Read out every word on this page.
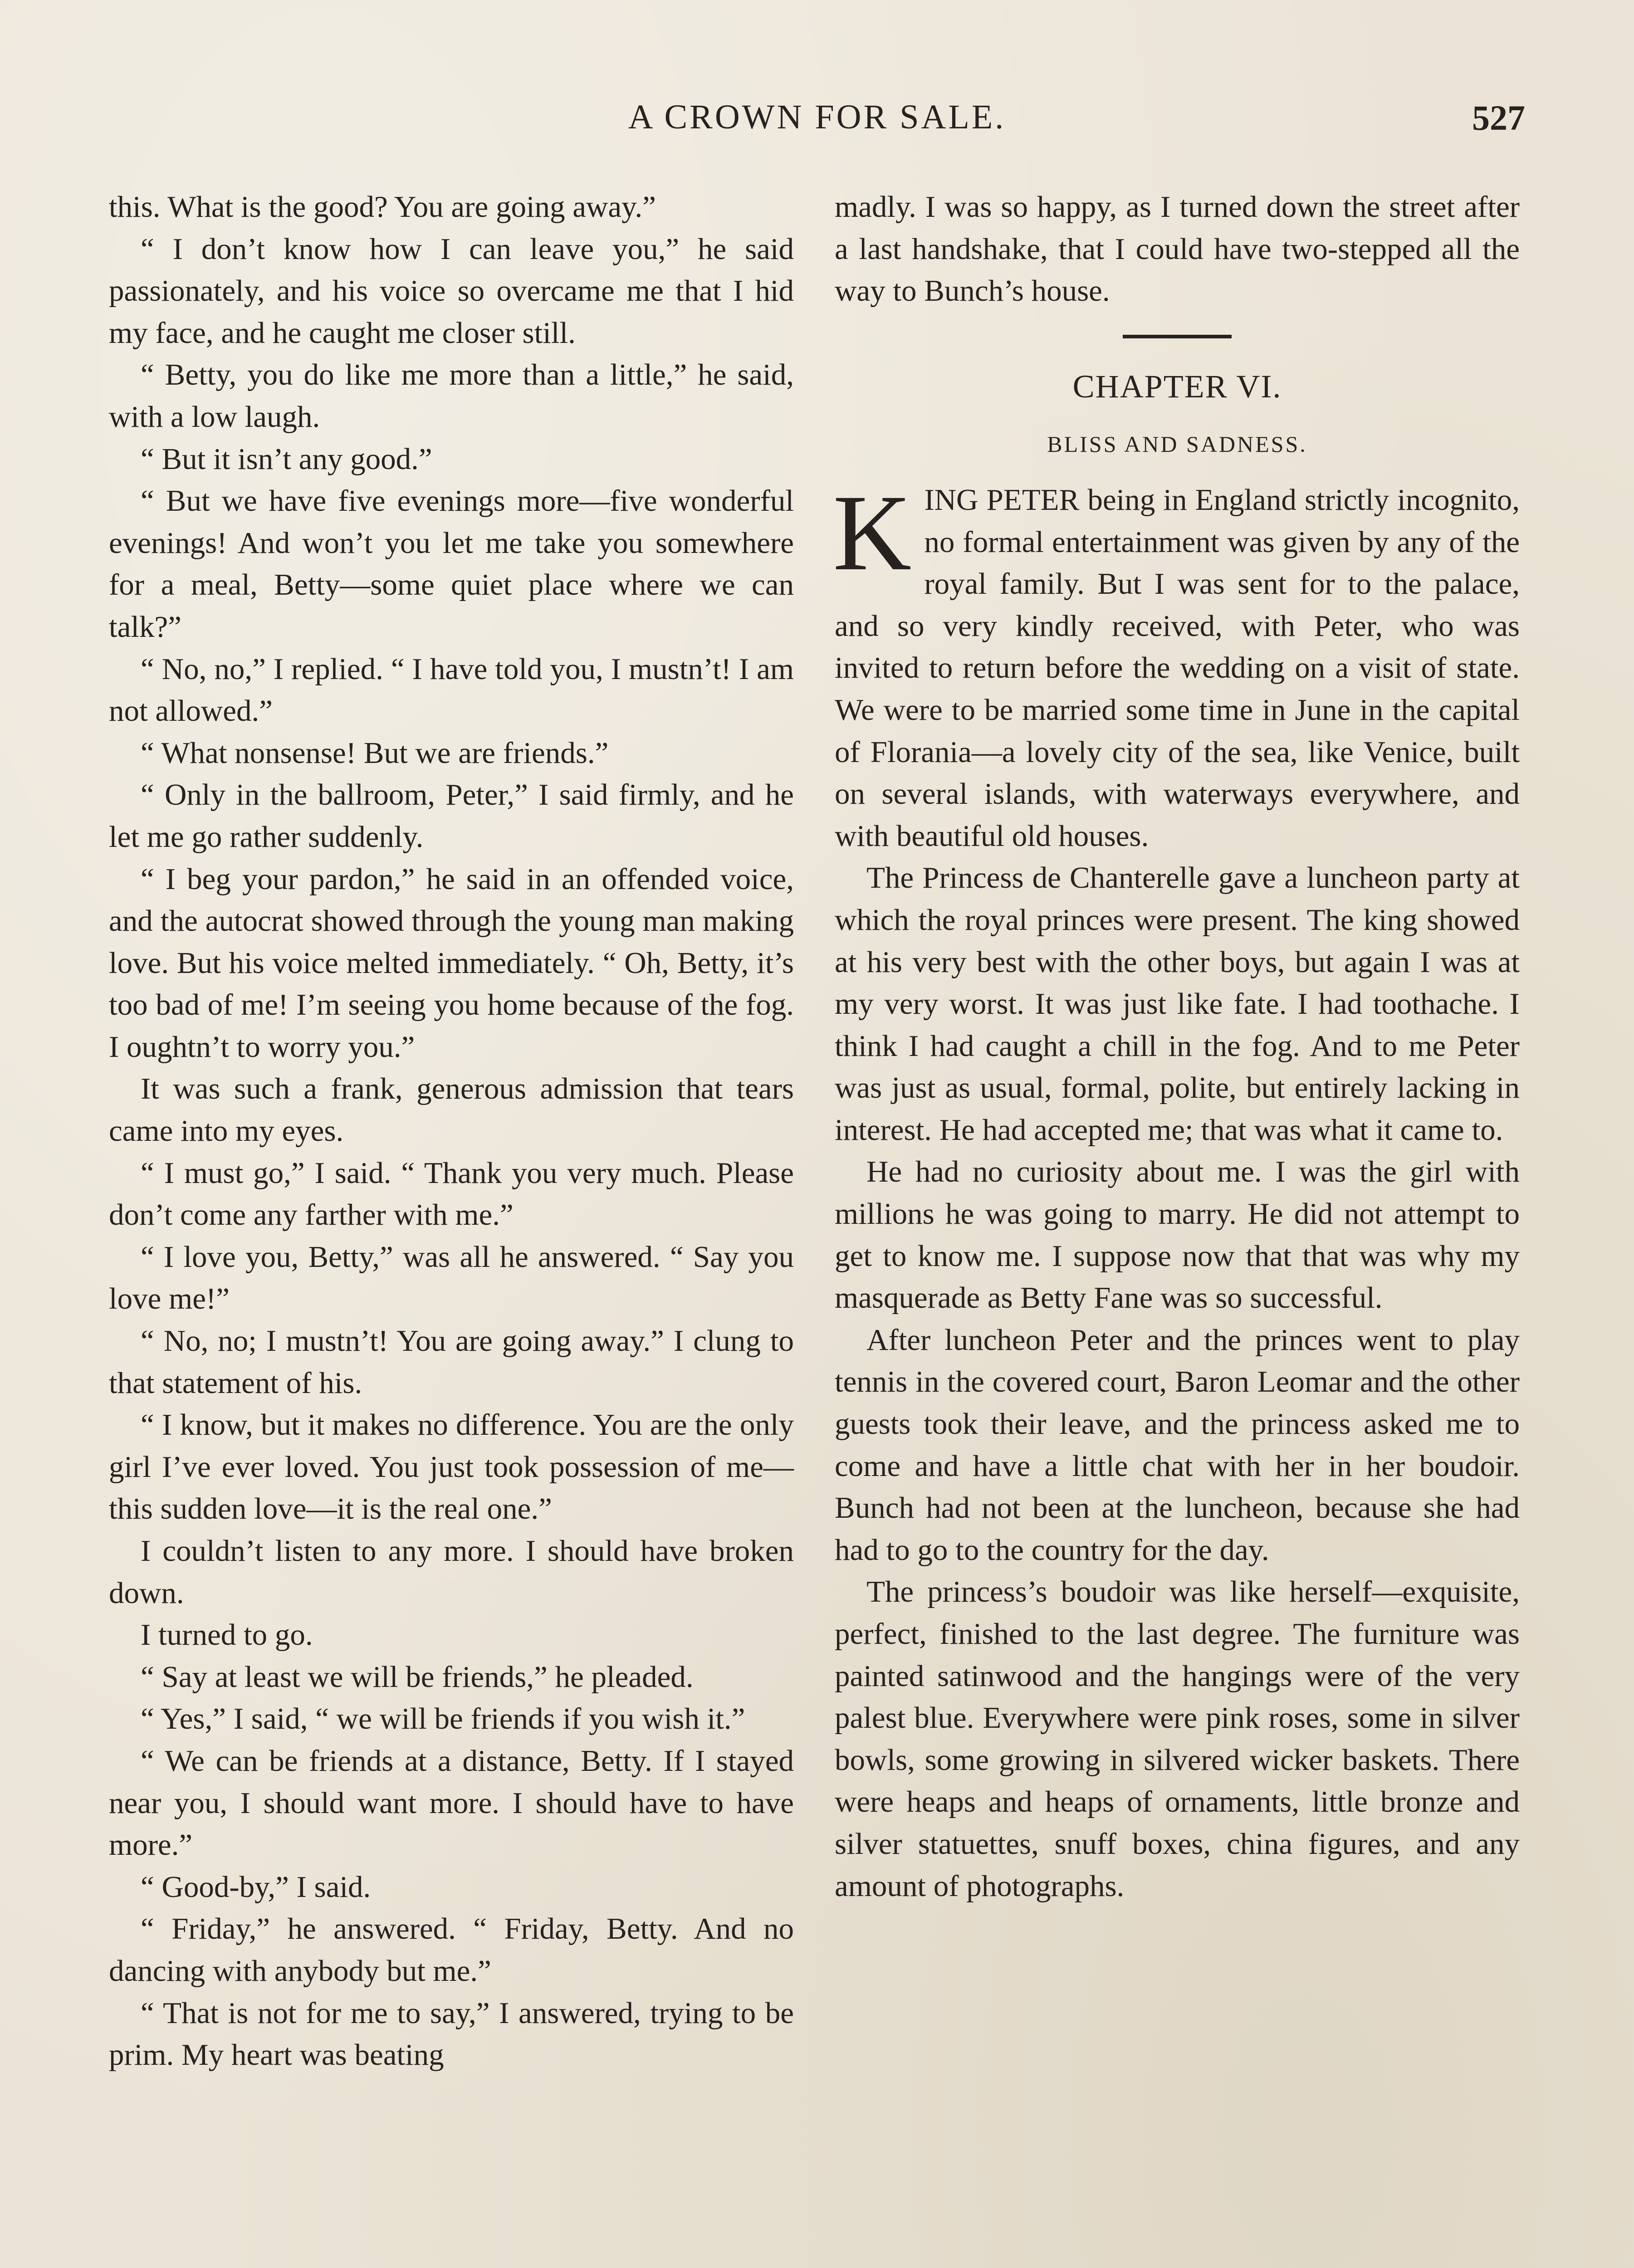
A CROWN FOR SALE.	527

this. What is the good? You are going away.”

“ I don’t know how I can leave you,” he said passionately, and his voice so overcame me that I hid my face, and he caught me closer still.

“ Betty, you do like me more than a little,” he said, with a low laugh.

“ But it isn’t any good.”

“ But we have five evenings more—five wonderful evenings! And won’t you let me take you somewhere for a meal, Betty—some quiet place where we can talk?”

“ No, no,” I replied. “ I have told you, I mustn’t! I am not allowed.”

“ What nonsense! But we are friends.”

“ Only in the ballroom, Peter,” I said firmly, and he let me go rather suddenly.

“ I beg your pardon,” he said in an offended voice, and the autocrat showed through the young man making love. But his voice melted immediately. “ Oh, Betty, it’s too bad of me! I’m seeing you home because of the fog. I oughtn’t to worry you.”

It was such a frank, generous admission that tears came into my eyes.

“ I must go,” I said. “ Thank you very much. Please don’t come any farther with me.”

“ I love you, Betty,” was all he answered. “ Say you love me!”

“ No, no; I mustn’t! You are going away.” I clung to that statement of his.

“ I know, but it makes no difference. You are the only girl I’ve ever loved. You just took possession of me—this sudden love—it is the real one.”

I couldn’t listen to any more. I should have broken down.

I turned to go.

“ Say at least we will be friends,” he pleaded.

“ Yes,” I said, “ we will be friends if you wish it.”

“ We can be friends at a distance, Betty. If I stayed near you, I should want more. I should have to have more.”

“ Good-by,” I said.

“ Friday,” he answered. “ Friday, Betty. And no dancing with anybody but me.”

“ That is not for me to say,” I answered, trying to be prim. My heart was beating

madly. I was so happy, as I turned down the street after a last handshake, that I could have two-stepped all the way to Bunch’s house.

CHAPTER VI.
BLISS AND SADNESS.

KING PETER being in England strictly incognito, no formal entertainment was given by any of the royal family. But I was sent for to the palace, and so very kindly received, with Peter, who was invited to return before the wedding on a visit of state. We were to be married some time in June in the capital of Florania—a lovely city of the sea, like Venice, built on several islands, with waterways everywhere, and with beautiful old houses.

The Princess de Chanterelle gave a luncheon party at which the royal princes were present. The king showed at his very best with the other boys, but again I was at my very worst. It was just like fate. I had toothache. I think I had caught a chill in the fog. And to me Peter was just as usual, formal, polite, but entirely lacking in interest. He had accepted me; that was what it came to.

He had no curiosity about me. I was the girl with millions he was going to marry. He did not attempt to get to know me. I suppose now that that was why my masquerade as Betty Fane was so successful.

After luncheon Peter and the princes went to play tennis in the covered court, Baron Leomar and the other guests took their leave, and the princess asked me to come and have a little chat with her in her boudoir. Bunch had not been at the luncheon, because she had had to go to the country for the day.

The princess’s boudoir was like herself—exquisite, perfect, finished to the last degree. The furniture was painted satinwood and the hangings were of the very palest blue. Everywhere were pink roses, some in silver bowls, some growing in silvered wicker baskets. There were heaps and heaps of ornaments, little bronze and silver statuettes, snuff boxes, china figures, and any amount of photographs.
